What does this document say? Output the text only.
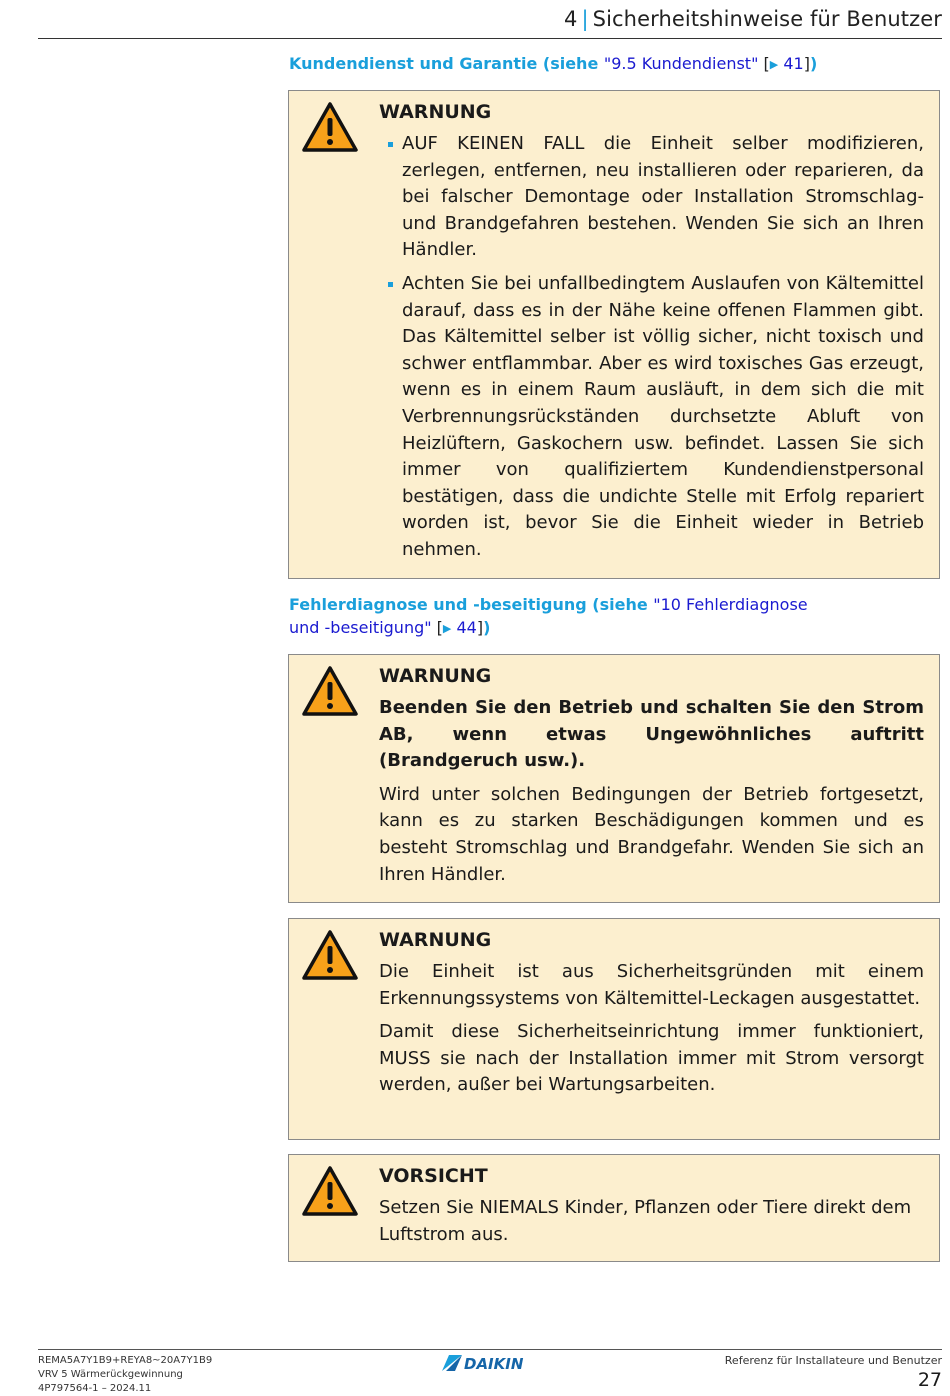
4 | Sicherheitshinweise für Benutzer
Kundendienst und Garantie (siehe "9.5 Kundendienst" [▶ 41])
WARNUNG
AUF KEINEN FALL die Einheit selber modifizieren, zerlegen, entfernen, neu installieren oder reparieren, da bei falscher Demontage oder Installation Stromschlag- und Brandgefahren bestehen. Wenden Sie sich an Ihren Händler.
Achten Sie bei unfallbedingtem Auslaufen von Kältemittel darauf, dass es in der Nähe keine offenen Flammen gibt. Das Kältemittel selber ist völlig sicher, nicht toxisch und schwer entflammbar. Aber es wird toxisches Gas erzeugt, wenn es in einem Raum ausläuft, in dem sich die mit Verbrennungsrückständen durchsetzte Abluft von Heizlüftern, Gaskochern usw. befindet. Lassen Sie sich immer von qualifiziertem Kundendienstpersonal bestätigen, dass die undichte Stelle mit Erfolg repariert worden ist, bevor Sie die Einheit wieder in Betrieb nehmen.
Fehlerdiagnose und -beseitigung (siehe "10 Fehlerdiagnose und -beseitigung" [▶ 44])
WARNUNG
Beenden Sie den Betrieb und schalten Sie den Strom AB, wenn etwas Ungewöhnliches auftritt (Brandgeruch usw.).
Wird unter solchen Bedingungen der Betrieb fortgesetzt, kann es zu starken Beschädigungen kommen und es besteht Stromschlag und Brandgefahr. Wenden Sie sich an Ihren Händler.
WARNUNG
Die Einheit ist aus Sicherheitsgründen mit einem Erkennungssystems von Kältemittel-Leckagen ausgestattet.
Damit diese Sicherheitseinrichtung immer funktioniert, MUSS sie nach der Installation immer mit Strom versorgt werden, außer bei Wartungsarbeiten.
VORSICHT
Setzen Sie NIEMALS Kinder, Pflanzen oder Tiere direkt dem Luftstrom aus.
REMA5A7Y1B9+REYA8~20A7Y1B9
VRV 5 Wärmerückgewinnung
4P797564-1 – 2024.11
DAIKIN	Referenz für Installateure und Benutzer
27
